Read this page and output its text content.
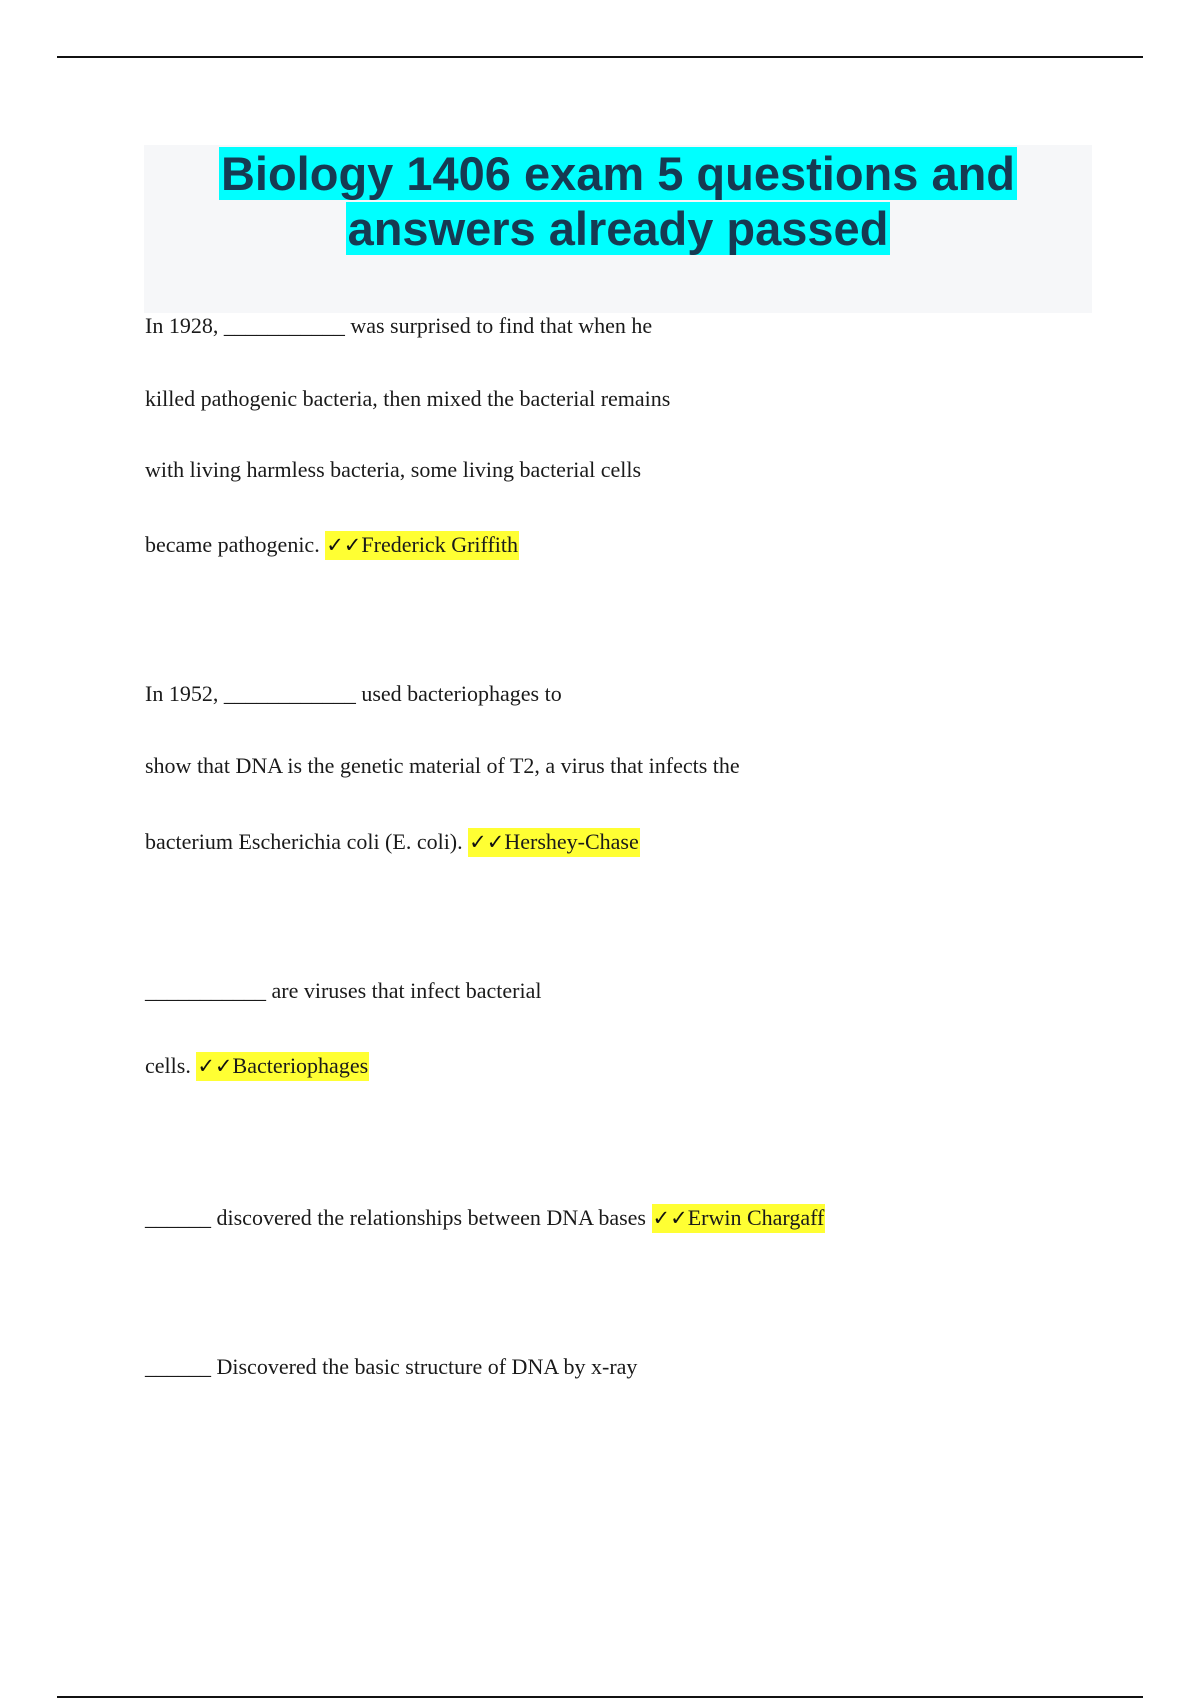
Biology 1406 exam 5 questions and
answers already passed
In 1928, ___________ was surprised to find that when he
killed pathogenic bacteria, then mixed the bacterial remains
with living harmless bacteria, some living bacterial cells
became pathogenic. ✓✓Frederick Griffith
In 1952, ____________ used bacteriophages to
show that DNA is the genetic material of T2, a virus that infects the
bacterium Escherichia coli (E. coli). ✓✓Hershey-Chase
___________ are viruses that infect bacterial
cells. ✓✓Bacteriophages
______ discovered the relationships between DNA bases ✓✓Erwin Chargaff
______ Discovered the basic structure of DNA by x-ray
